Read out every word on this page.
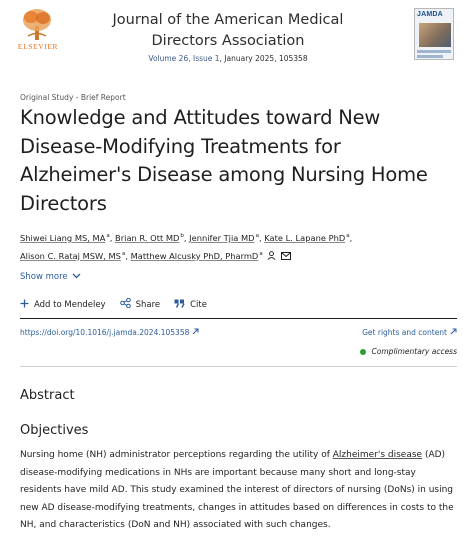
ELSEVIER
Journal of the American Medical Directors Association
Volume 26, Issue 1, January 2025, 105358
JAMDA
Original Study - Brief Report
Knowledge and Attitudes toward New Disease-Modifying Treatments for Alzheimer's Disease among Nursing Home Directors
Shiwei Liang MS, $MA^a$, Brian R. Ott $MD^b$, Jennifer Tjia $MD^a$, Kate L. Lapane PhD$^a$,
Alison C. Rataj MSW, $MS^a$, Matthew Alcusky PhD, PharmD$^a$
Show more
Add to Mendeley	Share	Cite
https://doi.org/10.1016/j.jamda.2024.105358	Get rights and content
Complimentary access
Abstract
Objectives

Nursing home (NH) administrator perceptions regarding the utility of Alzheimer's disease (AD) disease-modifying medications in NHs are important because many short and long-stay residents have mild AD. This study examined the interest of directors of nursing (DoNs) in using new AD disease-modifying treatments, changes in attitudes based on differences in costs to the NH, and characteristics (DoN and NH) associated with such changes.
